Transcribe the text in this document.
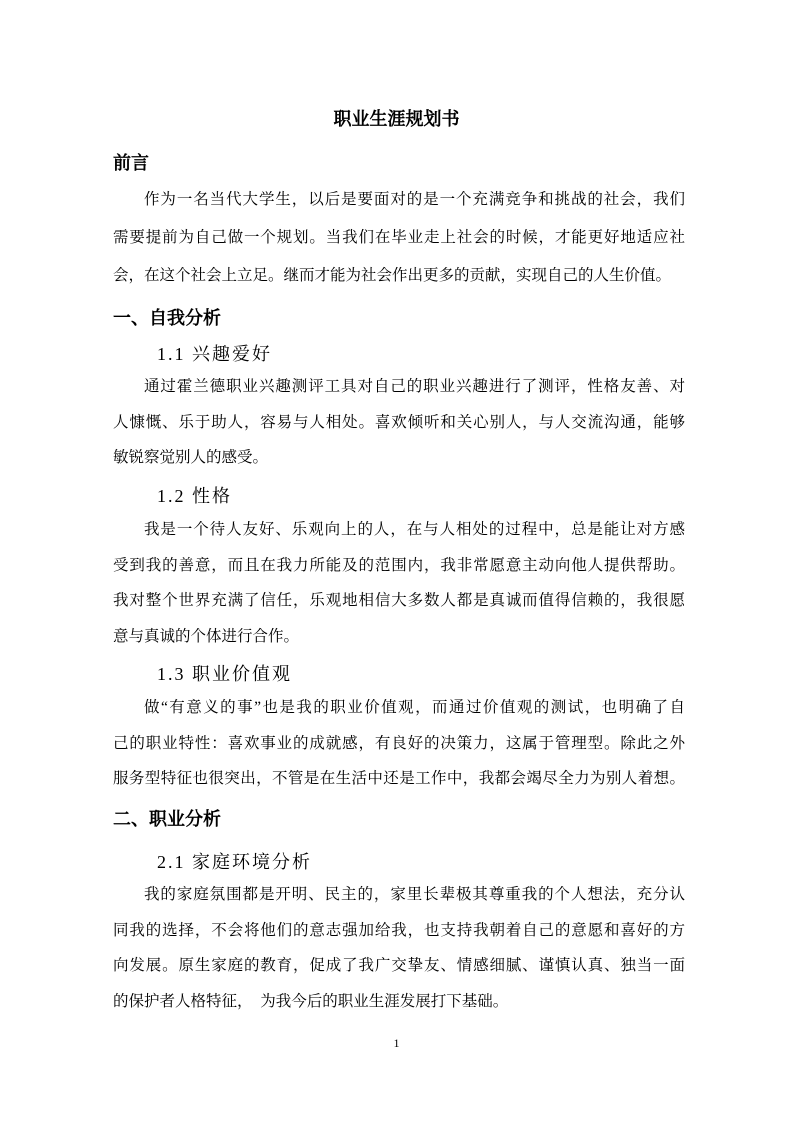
职业生涯规划书
前言
作为一名当代大学生，以后是要面对的是一个充满竞争和挑战的社会，我们
需要提前为自己做一个规划。当我们在毕业走上社会的时候，才能更好地适应社
会，在这个社会上立足。继而才能为社会作出更多的贡献，实现自己的人生价值。
一、自我分析
1.1 兴趣爱好
通过霍兰德职业兴趣测评工具对自己的职业兴趣进行了测评，性格友善、对
人慷慨、乐于助人，容易与人相处。喜欢倾听和关心别人，与人交流沟通，能够
敏锐察觉别人的感受。
1.2 性格
我是一个待人友好、乐观向上的人，在与人相处的过程中，总是能让对方感
受到我的善意，而且在我力所能及的范围内，我非常愿意主动向他人提供帮助。
我对整个世界充满了信任，乐观地相信大多数人都是真诚而值得信赖的，我很愿
意与真诚的个体进行合作。
1.3 职业价值观
做“有意义的事”也是我的职业价值观，而通过价值观的测试，也明确了自
己的职业特性：喜欢事业的成就感，有良好的决策力，这属于管理型。除此之外
服务型特征也很突出，不管是在生活中还是工作中，我都会竭尽全力为别人着想。
二、职业分析
2.1 家庭环境分析
我的家庭氛围都是开明、民主的，家里长辈极其尊重我的个人想法，充分认
同我的选择，不会将他们的意志强加给我，也支持我朝着自己的意愿和喜好的方
向发展。原生家庭的教育，促成了我广交挚友、情感细腻、谨慎认真、独当一面
的保护者人格特征，  为我今后的职业生涯发展打下基础。
1
